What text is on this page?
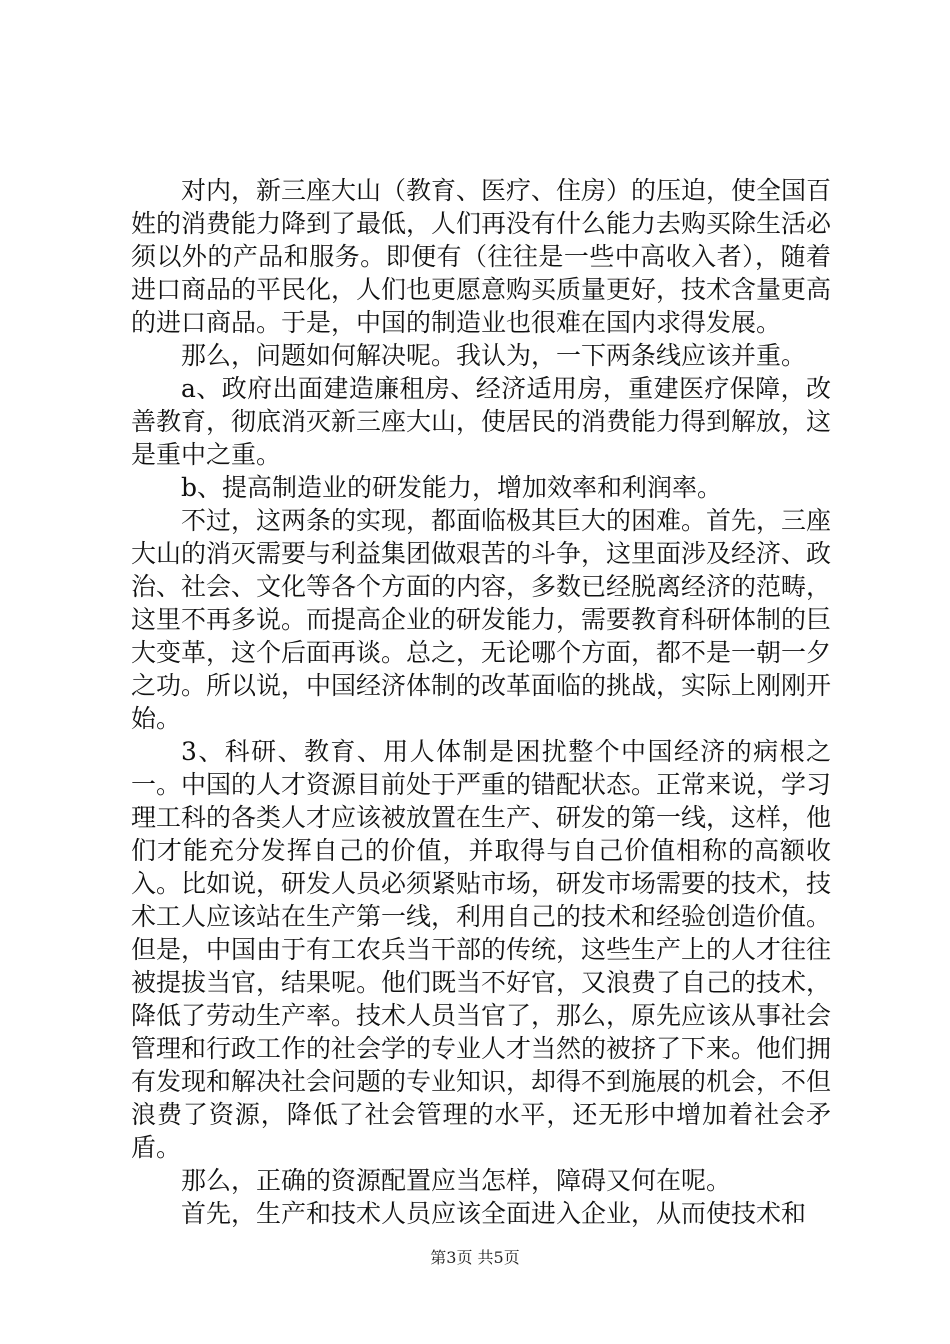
对内，新三座大山（教育、医疗、住房）的压迫，使全国百姓的消费能力降到了最低，人们再没有什么能力去购买除生活必须以外的产品和服务。即便有（往往是一些中高收入者），随着进口商品的平民化，人们也更愿意购买质量更好，技术含量更高的进口商品。于是，中国的制造业也很难在国内求得发展。

那么，问题如何解决呢。我认为，一下两条线应该并重。

a、政府出面建造廉租房、经济适用房，重建医疗保障，改善教育，彻底消灭新三座大山，使居民的消费能力得到解放，这是重中之重。

b、提高制造业的研发能力，增加效率和利润率。

不过，这两条的实现，都面临极其巨大的困难。首先，三座大山的消灭需要与利益集团做艰苦的斗争，这里面涉及经济、政治、社会、文化等各个方面的内容，多数已经脱离经济的范畴，这里不再多说。而提高企业的研发能力，需要教育科研体制的巨大变革，这个后面再谈。总之，无论哪个方面，都不是一朝一夕之功。所以说，中国经济体制的改革面临的挑战，实际上刚刚开始。

3、科研、教育、用人体制是困扰整个中国经济的病根之一。中国的人才资源目前处于严重的错配状态。正常来说，学习理工科的各类人才应该被放置在生产、研发的第一线，这样，他们才能充分发挥自己的价值，并取得与自己价值相称的高额收入。比如说，研发人员必须紧贴市场，研发市场需要的技术，技术工人应该站在生产第一线，利用自己的技术和经验创造价值。但是，中国由于有工农兵当干部的传统，这些生产上的人才往往被提拔当官，结果呢。他们既当不好官，又浪费了自己的技术，降低了劳动生产率。技术人员当官了，那么，原先应该从事社会管理和行政工作的社会学的专业人才当然的被挤了下来。他们拥有发现和解决社会问题的专业知识，却得不到施展的机会，不但浪费了资源，降低了社会管理的水平，还无形中增加着社会矛盾。

那么，正确的资源配置应当怎样，障碍又何在呢。

首先，生产和技术人员应该全面进入企业，从而使技术和

第3页 共5页
